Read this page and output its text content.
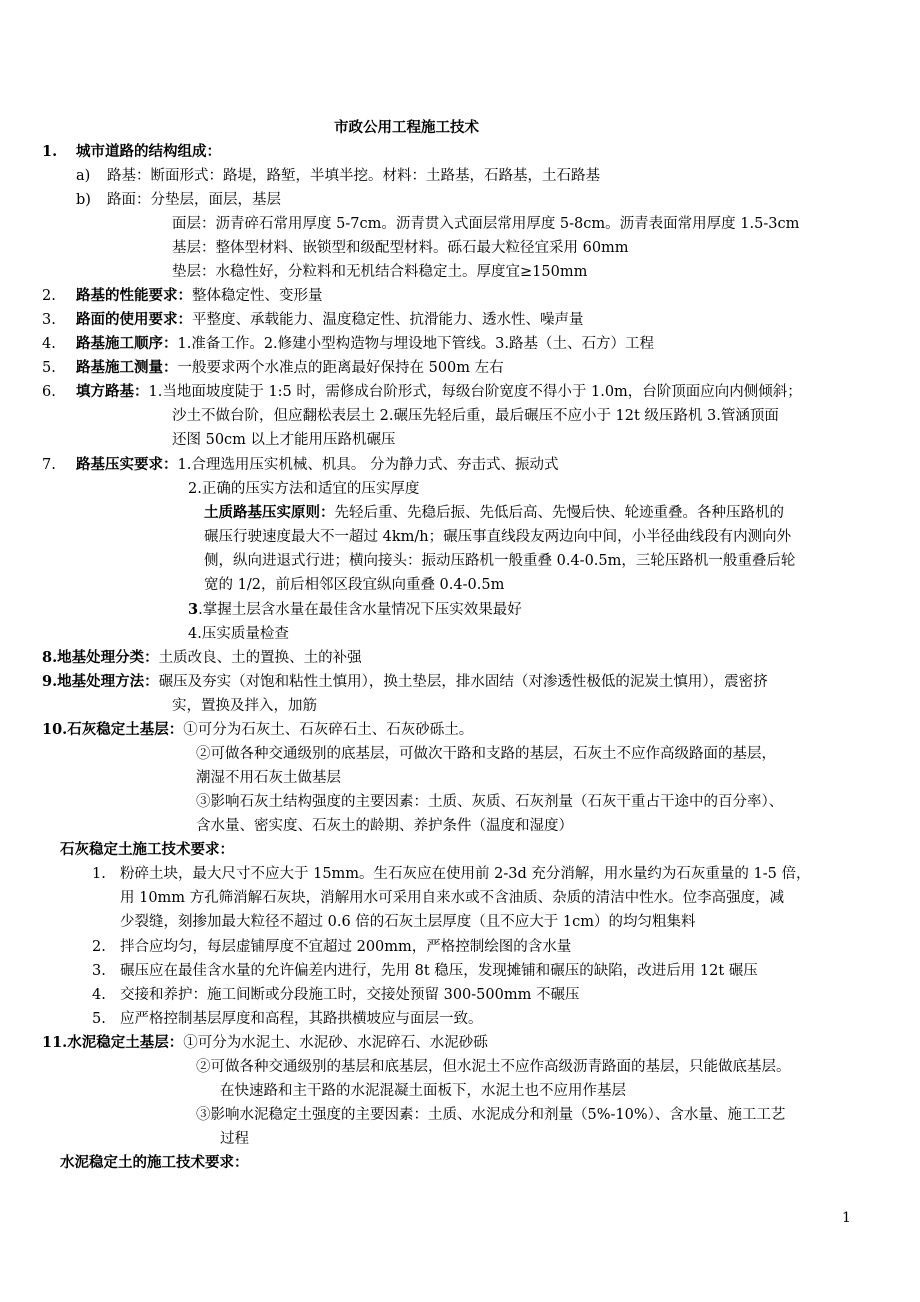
市政公用工程施工技术
1. 城市道路的结构组成：
a) 路基：断面形式：路堤，路堑，半填半挖。材料：土路基，石路基，土石路基
b) 路面：分垫层，面层，基层
面层：沥青碎石常用厚度 5-7cm。沥青贯入式面层常用厚度 5-8cm。沥青表面常用厚度 1.5-3cm
基层：整体型材料、嵌锁型和级配型材料。砾石最大粒径宜采用 60mm
垫层：水稳性好，分粒料和无机结合料稳定土。厚度宜≥150mm
2. 路基的性能要求：整体稳定性、变形量
3. 路面的使用要求：平整度、承载能力、温度稳定性、抗滑能力、透水性、噪声量
4. 路基施工顺序：1.准备工作。2.修建小型构造物与埋设地下管线。3.路基（土、石方）工程
5. 路基施工测量：一般要求两个水准点的距离最好保持在 500m 左右
6. 填方路基：1.当地面坡度陡于 1:5 时，需修成台阶形式，每级台阶宽度不得小于 1.0m，台阶顶面应向内侧倾斜；
沙土不做台阶，但应翻松表层土 2.碾压先轻后重，最后碾压不应小于 12t 级压路机 3.管涵顶面
还图 50cm 以上才能用压路机碾压
7. 路基压实要求：1.合理选用压实机械、机具。 分为静力式、夯击式、振动式
2.正确的压实方法和适宜的压实厚度
土质路基压实原则：先轻后重、先稳后振、先低后高、先慢后快、轮迹重叠。各种压路机的
碾压行驶速度最大不一超过 4km/h；碾压事直线段友两边向中间，小半径曲线段有内测向外
侧，纵向进退式行进；横向接头：振动压路机一般重叠 0.4-0.5m，三轮压路机一般重叠后轮
宽的 1/2，前后相邻区段宜纵向重叠 0.4-0.5m
3.掌握土层含水量在最佳含水量情况下压实效果最好
4.压实质量检查
8.地基处理分类：土质改良、土的置换、土的补强
9.地基处理方法：碾压及夯实（对饱和粘性土慎用），换土垫层，排水固结（对渗透性极低的泥炭土慎用），震密挤
实，置换及拌入，加筋
10.石灰稳定土基层：①可分为石灰土、石灰碎石土、石灰砂砾土。
②可做各种交通级别的底基层，可做次干路和支路的基层，石灰土不应作高级路面的基层，
潮湿不用石灰土做基层
③影响石灰土结构强度的主要因素：土质、灰质、石灰剂量（石灰干重占干途中的百分率）、
含水量、密实度、石灰土的龄期、养护条件（温度和湿度）
石灰稳定土施工技术要求：
1. 粉碎土块，最大尺寸不应大于 15mm。生石灰应在使用前 2-3d 充分消解，用水量约为石灰重量的 1-5 倍，
用 10mm 方孔筛消解石灰块，消解用水可采用自来水或不含油质、杂质的清洁中性水。位李高强度，减
少裂缝，刻掺加最大粒径不超过 0.6 倍的石灰土层厚度（且不应大于 1cm）的均匀粗集料
2. 拌合应均匀，每层虚铺厚度不宜超过 200mm，严格控制绘图的含水量
3. 碾压应在最佳含水量的允许偏差内进行，先用 8t 稳压，发现摊铺和碾压的缺陷，改进后用 12t 碾压
4. 交接和养护：施工间断或分段施工时，交接处预留 300-500mm 不碾压
5. 应严格控制基层厚度和高程，其路拱横坡应与面层一致。
11.水泥稳定土基层：①可分为水泥土、水泥砂、水泥碎石、水泥砂砾
②可做各种交通级别的基层和底基层，但水泥土不应作高级沥青路面的基层，只能做底基层。
在快速路和主干路的水泥混凝土面板下，水泥土也不应用作基层
③影响水泥稳定土强度的主要因素：土质、水泥成分和剂量（5%-10%）、含水量、施工工艺
过程
水泥稳定土的施工技术要求：
1
